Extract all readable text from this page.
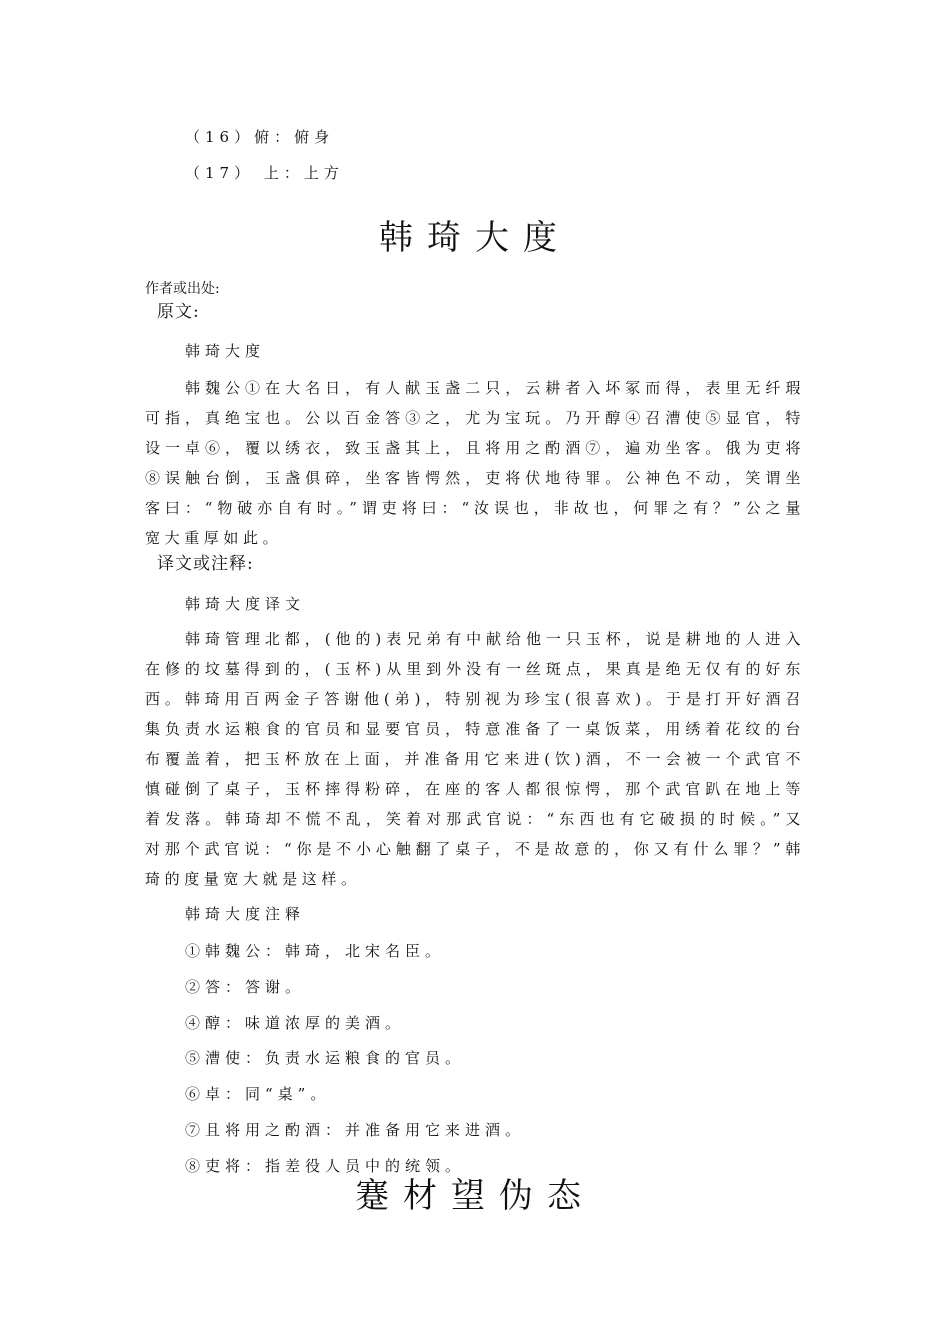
（16）俯：俯身
（17） 上：上方
韩琦大度
作者或出处:
原文:
韩琦大度
韩魏公①在大名日，有人献玉盏二只，云耕者入坏冢而得，表里无纤瑕可指，真绝宝也。公以百金答③之，尤为宝玩。乃开醇④召漕使⑤显官，特设一卓⑥，覆以绣衣，致玉盏其上，且将用之酌酒⑦，遍劝坐客。俄为吏将⑧误触台倒，玉盏俱碎，坐客皆愕然，吏将伏地待罪。公神色不动，笑谓坐客曰：“物破亦自有时。”谓吏将曰：“汝误也，非故也，何罪之有？”公之量宽大重厚如此。
译文或注释:
韩琦大度译文
韩琦管理北都，(他的)表兄弟有中献给他一只玉杯，说是耕地的人进入在修的坟墓得到的，(玉杯)从里到外没有一丝斑点，果真是绝无仅有的好东西。韩琦用百两金子答谢他(弟)，特别视为珍宝(很喜欢)。于是打开好酒召集负责水运粮食的官员和显要官员，特意准备了一桌饭菜，用绣着花纹的台布覆盖着，把玉杯放在上面，并准备用它来进(饮)酒，不一会被一个武官不慎碰倒了桌子，玉杯摔得粉碎，在座的客人都很惊愕，那个武官趴在地上等着发落。韩琦却不慌不乱，笑着对那武官说：“东西也有它破损的时候。”又对那个武官说：“你是不小心触翻了桌子，不是故意的，你又有什么罪？”韩琦的度量宽大就是这样。
韩琦大度注释
①韩魏公：韩琦，北宋名臣。
②答：答谢。
④醇：味道浓厚的美酒。
⑤漕使：负责水运粮食的官员。
⑥卓：同“桌”。
⑦且将用之酌酒：并准备用它来进酒。
⑧吏将：指差役人员中的统领。
蹇材望伪态
